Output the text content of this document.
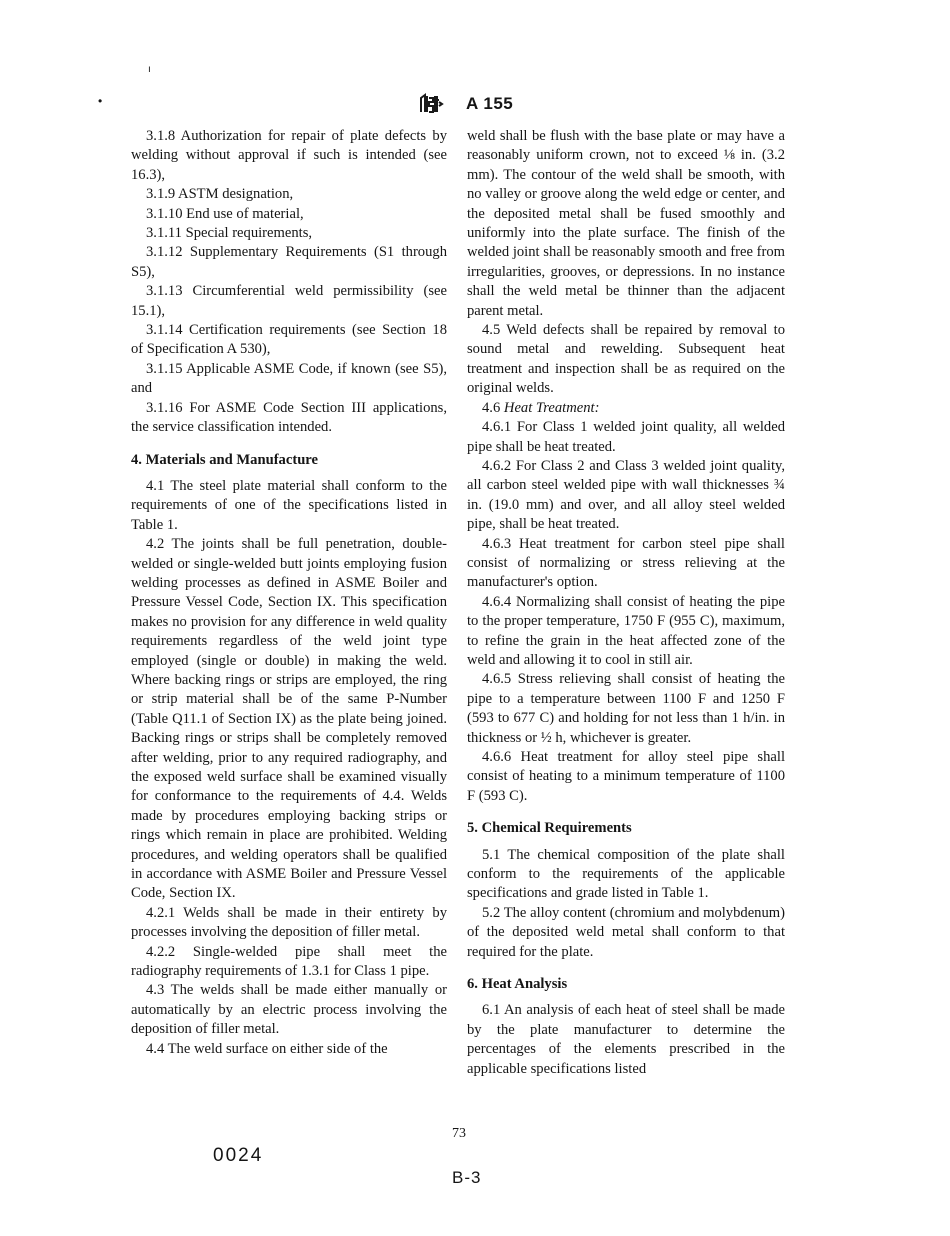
A 155
ı
•

3.1.8 Authorization for repair of plate defects by welding without approval if such is intended (see 16.3),

3.1.9 ASTM designation,

3.1.10 End use of material,

3.1.11 Special requirements,

3.1.12 Supplementary Requirements (S1 through S5),

3.1.13 Circumferential weld permissibility (see 15.1),

3.1.14 Certification requirements (see Section 18 of Specification A 530),

3.1.15 Applicable ASME Code, if known (see S5), and

3.1.16 For ASME Code Section III applications, the service classification intended.

4. Materials and Manufacture

4.1 The steel plate material shall conform to the requirements of one of the specifications listed in Table 1.

4.2 The joints shall be full penetration, double-welded or single-welded butt joints employing fusion welding processes as defined in ASME Boiler and Pressure Vessel Code, Section IX. This specification makes no provision for any difference in weld quality requirements regardless of the weld joint type employed (single or double) in making the weld. Where backing rings or strips are employed, the ring or strip material shall be of the same P-Number (Table Q11.1 of Section IX) as the plate being joined. Backing rings or strips shall be completely removed after welding, prior to any required radiography, and the exposed weld surface shall be examined visually for conformance to the requirements of 4.4. Welds made by procedures employing backing strips or rings which remain in place are prohibited. Welding procedures, and welding operators shall be qualified in accordance with ASME Boiler and Pressure Vessel Code, Section IX.

4.2.1 Welds shall be made in their entirety by processes involving the deposition of filler metal.

4.2.2 Single-welded pipe shall meet the radiography requirements of 1.3.1 for Class 1 pipe.

4.3 The welds shall be made either manually or automatically by an electric process involving the deposition of filler metal.

4.4 The weld surface on either side of the

weld shall be flush with the base plate or may have a reasonably uniform crown, not to exceed ⅛ in. (3.2 mm). The contour of the weld shall be smooth, with no valley or groove along the weld edge or center, and the deposited metal shall be fused smoothly and uniformly into the plate surface. The finish of the welded joint shall be reasonably smooth and free from irregularities, grooves, or depressions. In no instance shall the weld metal be thinner than the adjacent parent metal.

4.5 Weld defects shall be repaired by removal to sound metal and rewelding. Subsequent heat treatment and inspection shall be as required on the original welds.

4.6 Heat Treatment:

4.6.1 For Class 1 welded joint quality, all welded pipe shall be heat treated.

4.6.2 For Class 2 and Class 3 welded joint quality, all carbon steel welded pipe with wall thicknesses ¾ in. (19.0 mm) and over, and all alloy steel welded pipe, shall be heat treated.

4.6.3 Heat treatment for carbon steel pipe shall consist of normalizing or stress relieving at the manufacturer's option.

4.6.4 Normalizing shall consist of heating the pipe to the proper temperature, 1750 F (955 C), maximum, to refine the grain in the heat affected zone of the weld and allowing it to cool in still air.

4.6.5 Stress relieving shall consist of heating the pipe to a temperature between 1100 F and 1250 F (593 to 677 C) and holding for not less than 1 h/in. in thickness or ½ h, whichever is greater.

4.6.6 Heat treatment for alloy steel pipe shall consist of heating to a minimum temperature of 1100 F (593 C).

5. Chemical Requirements

5.1 The chemical composition of the plate shall conform to the requirements of the applicable specifications and grade listed in Table 1.

5.2 The alloy content (chromium and molybdenum) of the deposited weld metal shall conform to that required for the plate.

6. Heat Analysis

6.1 An analysis of each heat of steel shall be made by the plate manufacturer to determine the percentages of the elements prescribed in the applicable specifications listed

73
0024
B-3
